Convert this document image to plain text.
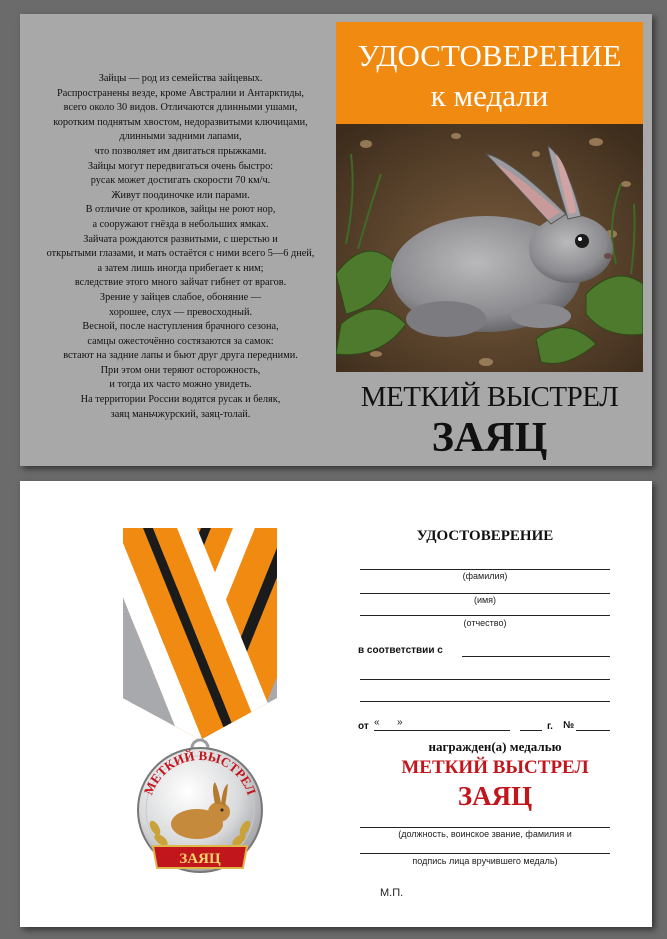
Зайцы — род из семейства зайцевых.
Распространены везде, кроме Австралии и Антарктиды,
всего около 30 видов. Отличаются длинными ушами,
коротким поднятым хвостом, недоразвитыми ключицами,
длинными задними лапами,
что позволяет им двигаться прыжками.
Зайцы могут передвигаться очень быстро:
русак может достигать скорости 70 км/ч.
Живут поодиночке или парами.
В отличие от кроликов, зайцы не роют нор,
а сооружают гнёзда в небольших ямках.
Зайчата рождаются развитыми, с шерстью и
открытыми глазами, и мать остаётся с ними всего 5—6 дней,
а затем лишь иногда прибегает к ним;
вследствие этого много зайчат гибнет от врагов.
Зрение у зайцев слабое, обоняние —
хорошее, слух — превосходный.
Весной, после наступления брачного сезона,
самцы ожесточённо состязаются за самок:
встают на задние лапы и бьют друг друга передними.
При этом они теряют осторожность,
и тогда их часто можно увидеть.
На территории России водятся русак и беляк,
заяц маньчжурский, заяц-толай.
УДОСТОВЕРЕНИЕ
к медали
МЕТКИЙ ВЫСТРЕЛ
ЗАЯЦ
МЕТКИЙ ВЫСТРЕЛ
ЗАЯЦ
УДОСТОВЕРЕНИЕ
(фамилия)
(имя)
(отчество)
в соответствии с
от « »	г. №
награжден(а) медалью
МЕТКИЙ ВЫСТРЕЛ
ЗАЯЦ
(должность, воинское звание, фамилия и
подпись лица вручившего медаль)
М.П.
